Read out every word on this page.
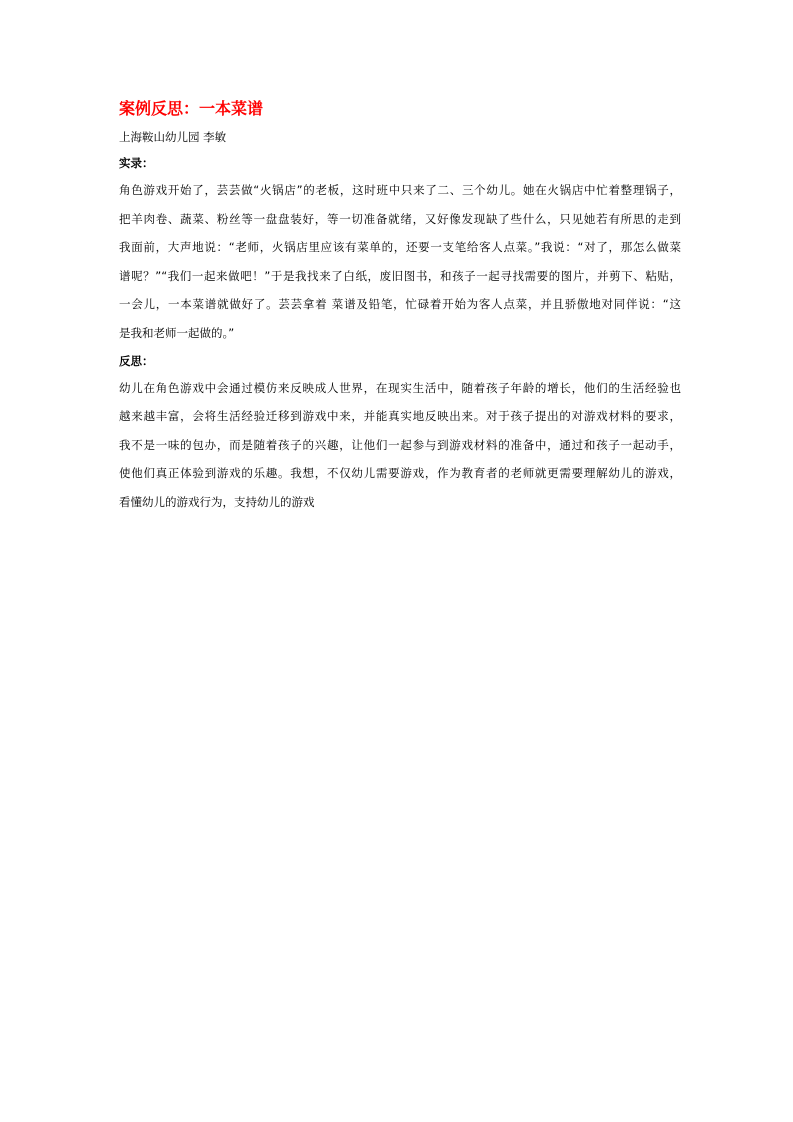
案例反思：一本菜谱

上海鞍山幼儿园 李敏

实录：

角色游戏开始了，芸芸做“火锅店”的老板，这时班中只来了二、三个幼儿。她在火锅店中忙着整理锅子，

把羊肉卷、蔬菜、粉丝等一盘盘装好，等一切准备就绪，又好像发现缺了些什么，只见她若有所思的走到

我面前，大声地说：“老师，火锅店里应该有菜单的，还要一支笔给客人点菜。”我说：“对了，那怎么做菜

谱呢？”“我们一起来做吧！”于是我找来了白纸，废旧图书，和孩子一起寻找需要的图片，并剪下、粘贴，

一会儿，一本菜谱就做好了。芸芸拿着 菜谱及铅笔，忙碌着开始为客人点菜，并且骄傲地对同伴说：“这

是我和老师一起做的。”

反思：

幼儿在角色游戏中会通过模仿来反映成人世界，在现实生活中，随着孩子年龄的增长，他们的生活经验也

越来越丰富，会将生活经验迁移到游戏中来，并能真实地反映出来。对于孩子提出的对游戏材料的要求，

我不是一味的包办，而是随着孩子的兴趣，让他们一起参与到游戏材料的准备中，通过和孩子一起动手，

使他们真正体验到游戏的乐趣。我想，不仅幼儿需要游戏，作为教育者的老师就更需要理解幼儿的游戏，

看懂幼儿的游戏行为，支持幼儿的游戏
